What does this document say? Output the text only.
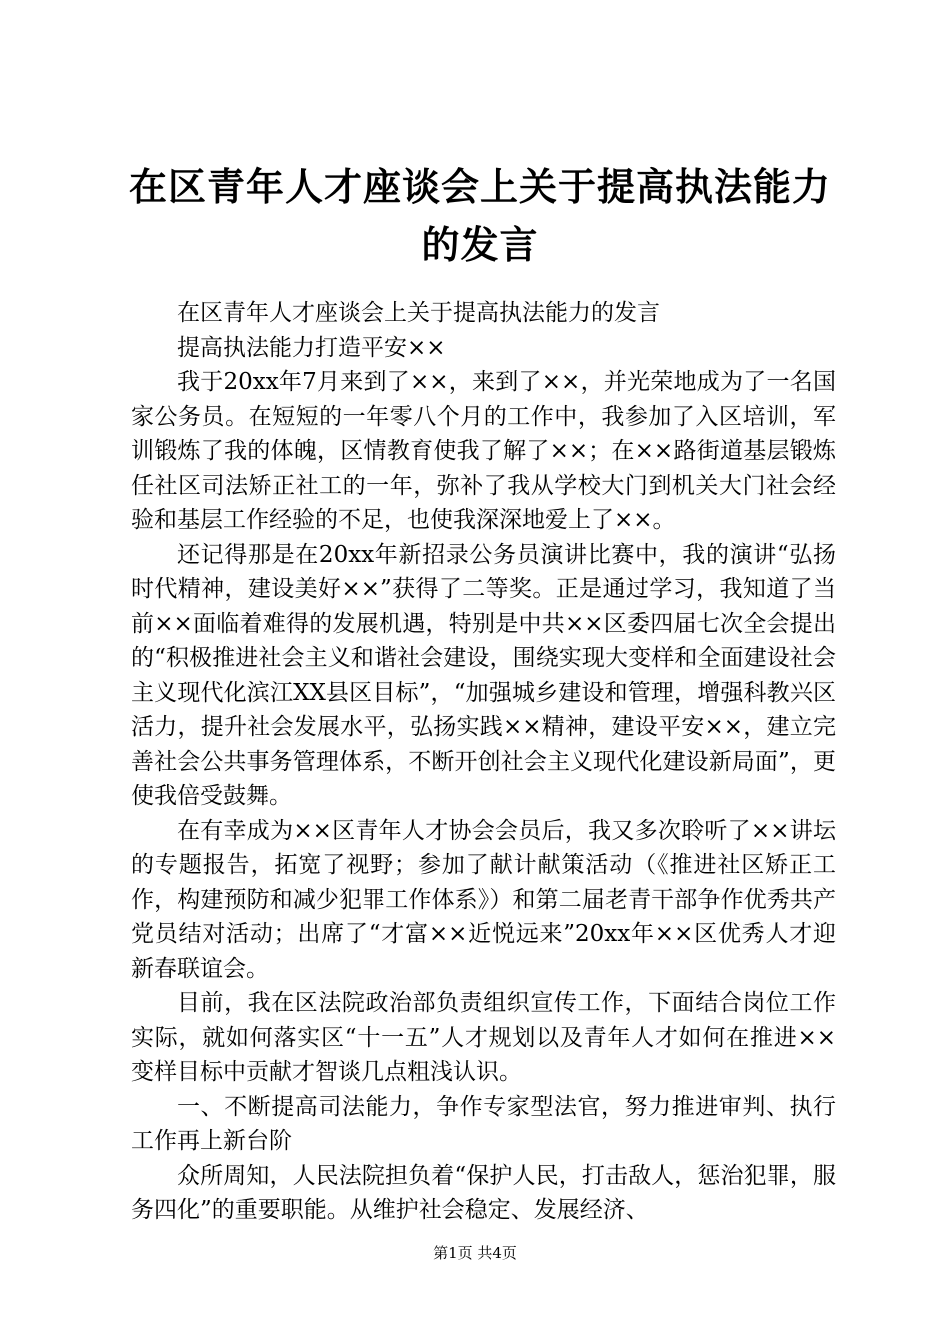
在区青年人才座谈会上关于提高执法能力的发言

在区青年人才座谈会上关于提高执法能力的发言

提高执法能力打造平安××

我于20xx年7月来到了××，来到了××，并光荣地成为了一名国家公务员。在短短的一年零八个月的工作中，我参加了入区培训，军训锻炼了我的体魄，区情教育使我了解了××；在××路街道基层锻炼任社区司法矫正社工的一年，弥补了我从学校大门到机关大门社会经验和基层工作经验的不足，也使我深深地爱上了××。

还记得那是在20xx年新招录公务员演讲比赛中，我的演讲“弘扬时代精神，建设美好××”获得了二等奖。正是通过学习，我知道了当前××面临着难得的发展机遇，特别是中共××区委四届七次全会提出的“积极推进社会主义和谐社会建设，围绕实现大变样和全面建设社会主义现代化滨江XX县区目标”，“加强城乡建设和管理，增强科教兴区活力，提升社会发展水平，弘扬实践××精神，建设平安××，建立完善社会公共事务管理体系，不断开创社会主义现代化建设新局面”，更使我倍受鼓舞。

在有幸成为××区青年人才协会会员后，我又多次聆听了××讲坛的专题报告，拓宽了视野；参加了献计献策活动（《推进社区矫正工作，构建预防和减少犯罪工作体系》）和第二届老青干部争作优秀共产党员结对活动；出席了“才富××近悦远来”20xx年××区优秀人才迎新春联谊会。

目前，我在区法院政治部负责组织宣传工作，下面结合岗位工作实际，就如何落实区“十一五”人才规划以及青年人才如何在推进××变样目标中贡献才智谈几点粗浅认识。

一、不断提高司法能力，争作专家型法官，努力推进审判、执行工作再上新台阶

众所周知，人民法院担负着“保护人民，打击敌人，惩治犯罪，服务四化”的重要职能。从维护社会稳定、发展经济、

第1页 共4页
